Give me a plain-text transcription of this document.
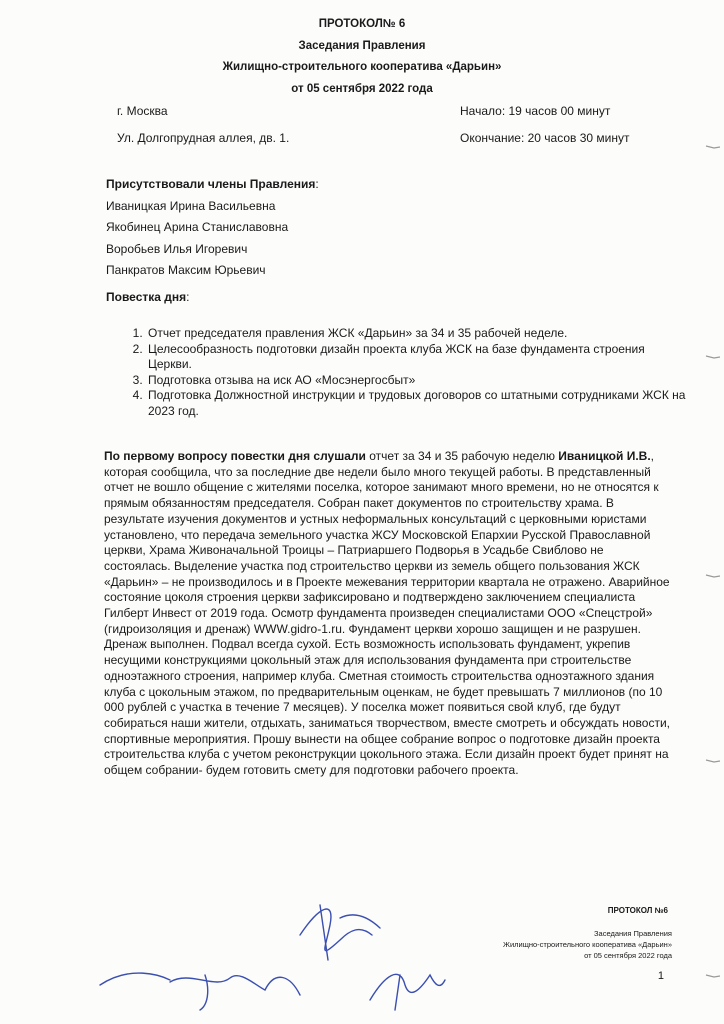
ПРОТОКОЛ№ 6
Заседания Правления
Жилищно-строительного кооператива «Дарьин»
от 05 сентября 2022 года
г. Москва
Ул. Долгопрудная аллея, дв. 1.
Начало: 19 часов 00 минут
Окончание: 20 часов 30 минут
Присутствовали члены Правления:
Иваницкая Ирина Васильевна
Якобинец Арина Станиславовна
Воробьев Илья Игоревич
Панкратов Максим Юрьевич
Повестка дня:
1. Отчет председателя правления ЖСК «Дарьин» за 34 и 35 рабочей неделе.
2. Целесообразность подготовки дизайн проекта клуба ЖСК на базе фундамента строения Церкви.
3. Подготовка отзыва на иск АО «Мосэнергосбыт»
4. Подготовка Должностной инструкции и трудовых договоров со штатными сотрудниками ЖСК на 2023 год.
По первому вопросу повестки дня слушали отчет за 34 и 35 рабочую неделю Иваницкой И.В., которая сообщила, что за последние две недели было много текущей работы. В представленный отчет не вошло общение с жителями поселка, которое занимают много времени, но не относятся к прямым обязанностям председателя. Собран пакет документов по строительству храма. В результате изучения документов и устных неформальных консультаций с церковными юристами установлено, что передача земельного участка ЖСУ Московской Епархии Русской Православной церкви, Храма Живоначальной Троицы – Патриаршего Подворья в Усадьбе Свиблово не состоялась. Выделение участка под строительство церкви из земель общего пользования ЖСК «Дарьин» – не производилось и в Проекте межевания территории квартала не отражено. Аварийное состояние цоколя строения церкви зафиксировано и подтверждено заключением специалиста Гилберт Инвест от 2019 года. Осмотр фундамента произведен специалистами ООО «Спецстрой» (гидроизоляция и дренаж) WWW.gidro-1.ru. Фундамент церкви хорошо защищен и не разрушен. Дренаж выполнен. Подвал всегда сухой. Есть возможность использовать фундамент, укрепив несущими конструкциями цокольный этаж для использования фундамента при строительстве одноэтажного строения, например клуба. Сметная стоимость строительства одноэтажного здания клуба с цокольным этажом, по предварительным оценкам, не будет превышать 7 миллионов (по 10 000 рублей с участка в течение 7 месяцев). У поселка может появиться свой клуб, где будут собираться наши жители, отдыхать, заниматься творчеством, вместе смотреть и обсуждать новости, спортивные мероприятия. Прошу вынести на общее собрание вопрос о подготовке дизайн проекта строительства клуба с учетом реконструкции цокольного этажа. Если дизайн проект будет принят на общем собрании- будем готовить смету для подготовки рабочего проекта.
ПРОТОКОЛ №6
Заседания Правления
Жилищно-строительного кооператива «Дарьин»
от 05 сентября 2022 года
1
